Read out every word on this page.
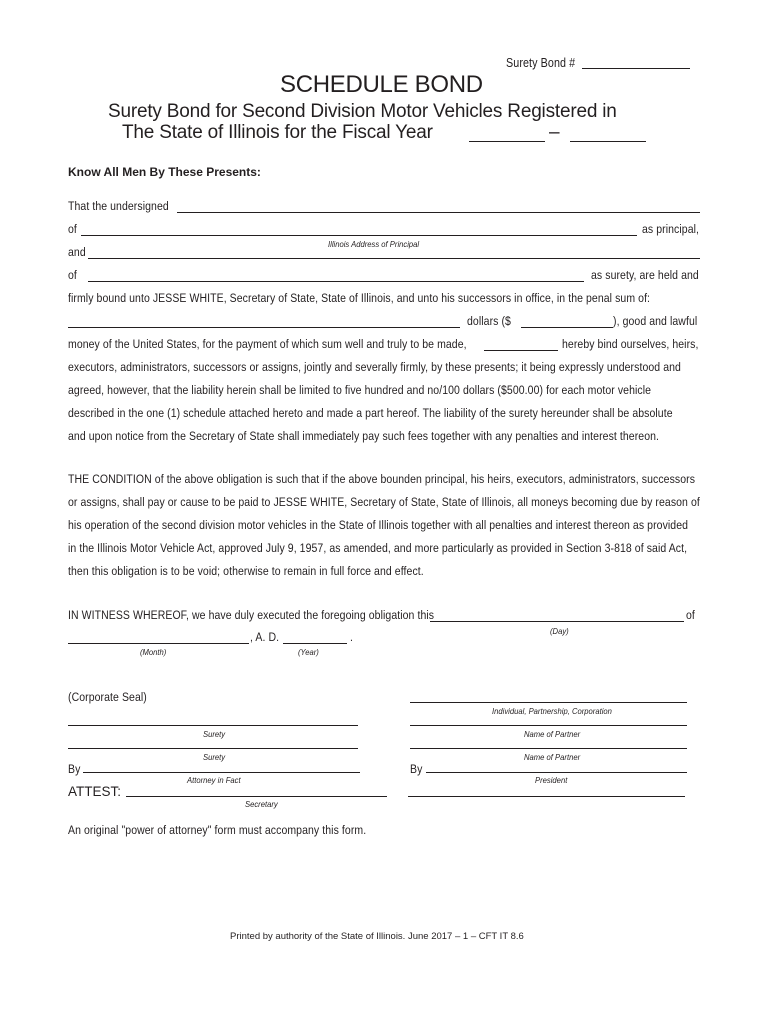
Surety Bond #
SCHEDULE BOND
Surety Bond for Second Division Motor Vehicles Registered in
The State of Illinois for the Fiscal Year	–
Know All Men By These Presents:
That the undersigned
of	as principal,
Illinois Address of Principal
and
of	as surety, are held and
firmly bound unto JESSE WHITE, Secretary of State, State of Illinois, and unto his successors in office, in the penal sum of:
dollars ($	), good and lawful
money of the United States, for the payment of which sum well and truly to be made,	hereby bind ourselves, heirs,
executors, administrators, successors or assigns, jointly and severally firmly, by these presents; it being expressly understood and
agreed, however, that the liability herein shall be limited to five hundred and no/100 dollars ($500.00) for each motor vehicle
described in the one (1) schedule attached hereto and made a part hereof. The liability of the surety hereunder shall be absolute
and upon notice from the Secretary of State shall immediately pay such fees together with any penalties and interest thereon.
THE CONDITION of the above obligation is such that if the above bounden principal, his heirs, executors, administrators, successors
or assigns, shall pay or cause to be paid to JESSE WHITE, Secretary of State, State of Illinois, all moneys becoming due by reason of
his operation of the second division motor vehicles in the State of Illinois together with all penalties and interest thereon as provided
in the Illinois Motor Vehicle Act, approved July 9, 1957, as amended, and more particularly as provided in Section 3-818 of said Act,
then this obligation is to be void; otherwise to remain in full force and effect.
IN WITNESS WHEREOF, we have duly executed the foregoing obligation this	of
(Day)
, A. D.	.
(Month)	(Year)
(Corporate Seal)
Surety
Surety
By
Attorney in Fact
ATTEST:
Secretary
Individual, Partnership, Corporation
Name of Partner
Name of Partner
By
President
An original "power of attorney" form must accompany this form.
Printed by authority of the State of Illinois. June 2017 – 1 – CFT IT 8.6
